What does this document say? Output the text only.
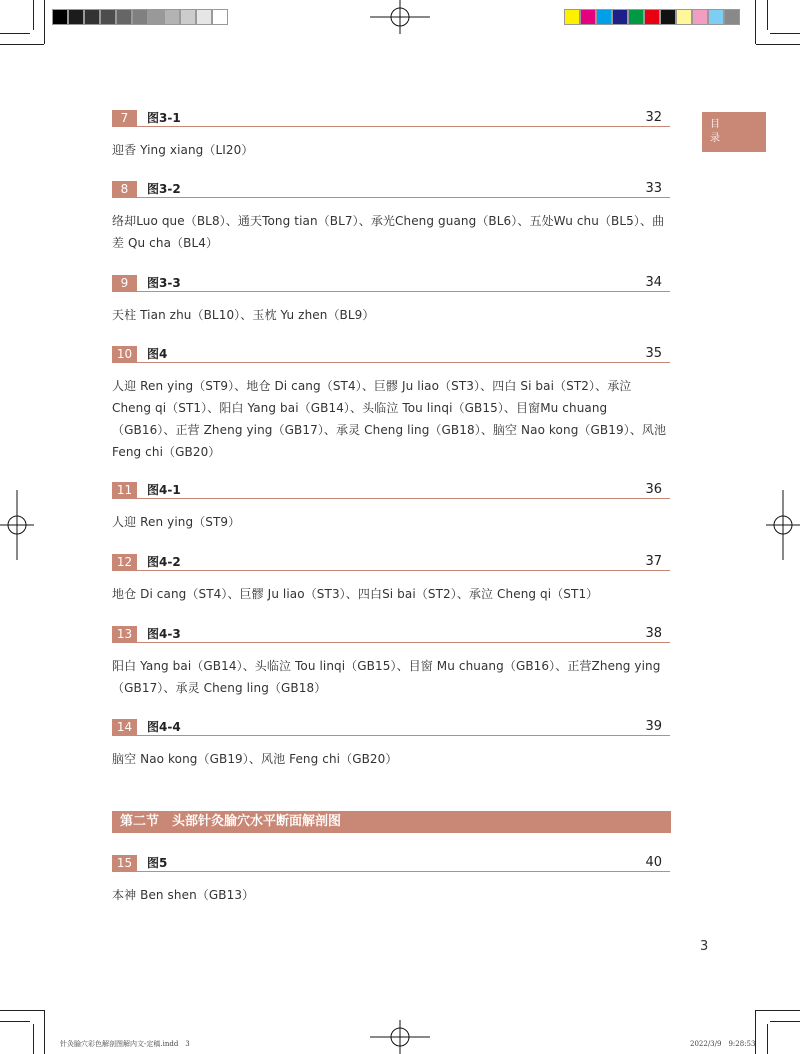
目
录
7	图3-1	32
迎香 Ying xiang（LI20）
8	图3-2	33
络却Luo que（BL8）、通天Tong tian（BL7）、承光Cheng guang（BL6）、五处Wu chu（BL5）、曲差 Qu cha（BL4）
9	图3-3	34
天柱 Tian zhu（BL10）、玉枕 Yu zhen（BL9）
10	图4	35
人迎 Ren ying（ST9）、地仓 Di cang（ST4）、巨髎 Ju liao（ST3）、四白 Si bai（ST2）、承泣 Cheng qi（ST1）、阳白 Yang bai（GB14）、头临泣 Tou linqi（GB15）、目窗Mu chuang（GB16）、正营 Zheng ying（GB17）、承灵 Cheng ling（GB18）、脑空 Nao kong（GB19）、风池Feng chi（GB20）
11	图4-1	36
人迎 Ren ying（ST9）
12	图4-2	37
地仓 Di cang（ST4）、巨髎 Ju liao（ST3）、四白Si bai（ST2）、承泣 Cheng qi（ST1）
13	图4-3	38
阳白 Yang bai（GB14）、头临泣 Tou linqi（GB15）、目窗 Mu chuang（GB16）、正营Zheng ying（GB17）、承灵 Cheng ling（GB18）
14	图4-4	39
脑空 Nao kong（GB19）、风池 Feng chi（GB20）
第二节　头部针灸腧穴水平断面解剖图
15	图5	40
本神 Ben shen（GB13）
3
针灸腧穴彩色解剖图解内文-定稿.indd　3	2022/3/9　9:28:53
